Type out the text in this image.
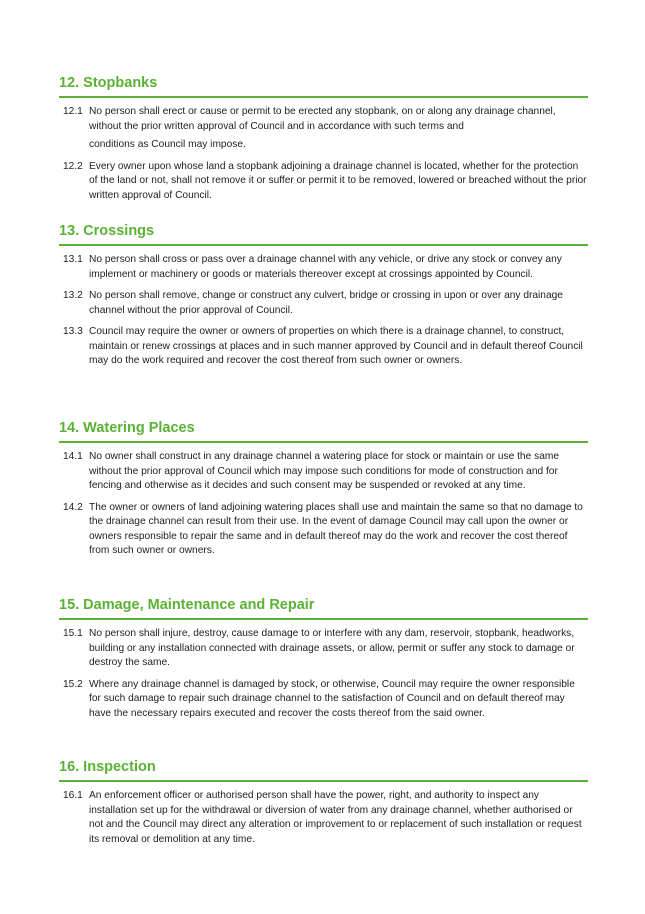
12. Stopbanks
12.1 No person shall erect or cause or permit to be erected any stopbank, on or along any drainage channel, without the prior written approval of Council and in accordance with such terms and
conditions as Council may impose.
12.2 Every owner upon whose land a stopbank adjoining a drainage channel is located, whether for the protection of the land or not, shall not remove it or suffer or permit it to be removed, lowered or breached without the prior written approval of Council.
13. Crossings
13.1 No person shall cross or pass over a drainage channel with any vehicle, or drive any stock or convey any implement or machinery or goods or materials thereover except at crossings appointed by Council.
13.2 No person shall remove, change or construct any culvert, bridge or crossing in upon or over any drainage channel without the prior approval of Council.
13.3 Council may require the owner or owners of properties on which there is a drainage channel, to construct, maintain or renew crossings at places and in such manner approved by Council and in default thereof Council may do the work required and recover the cost thereof from such owner or owners.
14. Watering Places
14.1 No owner shall construct in any drainage channel a watering place for stock or maintain or use the same without the prior approval of Council which may impose such conditions for mode of construction and for fencing and otherwise as it decides and such consent may be suspended or revoked at any time.
14.2 The owner or owners of land adjoining watering places shall use and maintain the same so that no damage to the drainage channel can result from their use. In the event of damage Council may call upon the owner or owners responsible to repair the same and in default thereof may do the work and recover the cost thereof from such owner or owners.
15. Damage, Maintenance and Repair
15.1 No person shall injure, destroy, cause damage to or interfere with any dam, reservoir, stopbank, headworks, building or any installation connected with drainage assets, or allow, permit or suffer any stock to damage or destroy the same.
15.2 Where any drainage channel is damaged by stock, or otherwise, Council may require the owner responsible for such damage to repair such drainage channel to the satisfaction of Council and on default thereof may have the necessary repairs executed and recover the costs thereof from the said owner.
16. Inspection
16.1 An enforcement officer or authorised person shall have the power, right, and authority to inspect any installation set up for the withdrawal or diversion of water from any drainage channel, whether authorised or not and the Council may direct any alteration or improvement to or replacement of such installation or request its removal or demolition at any time.
